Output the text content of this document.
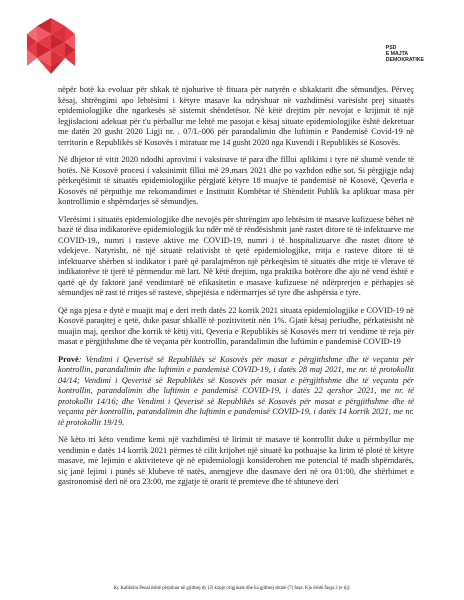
PSD
E MAJTA
DEMOKRATIKE

nëpër botë ka evoluar për shkak të njohurive të fituara për natyrën e shkaktarit dhe sëmundjes. Përveç kësaj, shtrëngimi apo lehtësimi i këtyre masave ka ndryshuar në vazhdimësi varësisht prej situatës epidemiologjike dhe ngarkesës së sistemit shëndetësor. Në këtë drejtim për nevojat e krijimit të një legjislacioni adekuat për t'u përballur me lehtë me pasojat e kësaj situate epidemiologjike është dekretuar me datën 20 gusht 2020 Ligji nr. . 07/L-006 për parandalimin dhe luftimin e Pandemisë Covid-19 në territorin e Republikës së Kosovës i miratuar me 14 gusht 2020 nga Kuvendi i Republikës së Kosovës.

Në dhjetor të vitit 2020 ndodhi aprovimi i vaksinave të para dhe filloi aplikimi i tyre në shumë vende të botës. Në Kosovë procesi i vaksinimit filloi më 29.mars 2021 dhe po vazhdon edhe sot. Si përgjigje ndaj përkeqësimit të situatës epidemiologjike përgjatë këtyre 18 muajve të pandemisë në Kosovë, Qeveria e Kosovës në përputhje me rekomandimet e Institutit Kombëtar të Shëndetit Publik ka aplikuar masa për kontrollimin e shpërndarjes së sëmundjes.

Vlerësimi i situatës epidemiologjike dhe nevojës për shtrëngim apo lehtësim të masave kufizuese bëhet në bazë të disa indikatorëve epidemiologjik ku ndër më të rëndësishmit janë rastet ditore të të infektuarve me COVID-19., numri i rasteve aktive me COVID-19, numri i të hospitalizuarve dhe rastet ditore të vdekjeve. Natyrisht, në një situatë relativisht të qetë epidemiologjike, rritja e rasteve ditore të të infektuarve shërben si indikator i parë që paralajmëron një përkeqësim të situatës dhe rritje të vlerave të indikatorëve të tjerë të përmendur më lart. Në këtë drejtim, nga praktika botërore dhe ajo në vend është e qartë që dy faktorë janë vendimtarë në efikasitetin e masave kufizuese në ndërprerjen e përhapjes së sëmundjes në rast të rritjes së rasteve, shpejtësia e ndërmarrjes së tyre dhe ashpërsia e tyre.

Që nga pjesa e dytë e muajit maj e deri rreth datës 22 korrik 2021 situata epidemiologjike e COVID-19 në Kosovë paraqitej e qetë, duke pasur shkallë të pozitivitetit nën 1%. Gjatë kësaj periudhe, përkatësisht në muajin maj, qershor dhe korrik të këtij viti, Qeveria e Republikës së Kosovës merr tri vendime të reja për masat e përgjithshme dhe të veçanta për kontrollin, parandalimin dhe luftimin e pandemisë COVID-19

Provë: Vendimi i Qeverisë së Republikës së Kosovës për masat e përgjithshme dhe të veçanta për kontrollin, parandalimin dhe luftimin e pandemisë COVID-19, i datës 28 maj 2021, me nr. të protokollit 04/14; Vendimi i Qeverisë së Republikës së Kosovës për masat e përgjithshme dhe të veçanta për kontrollin, parandalimin dhe luftimin e pandemisë COVID-19, i datës 22 qershor 2021, me nr. të protokollit 14/16; dhe Vendimi i Qeverisë së Republikës së Kosovës për masat e përgjithshme dhe të veçanta për kontrollin, parandalimin dhe luftimin e pandemisë COVID-19, i datës 14 korrik 2021, me nr. të protokollit 19/19.

Në këto tri këto vendime kemi një vazhdimësi të lirimit të masave të kontrollit duke u përmbyllur me vendimin e datës 14 korrik 2021 përmes të cilit krijohet një situatë ku pothuajse ka lirim të plotë të këtyre masave, me lejimin e aktiviteteve që në epidemiologji konsiderohen me potencial të madh shpërndarës, siç janë lejimi i punës së klubeve të natës, anengjeve dhe dasmave deri në ora 01:00, dhe shërbimet e gastronomisë deri në ora 23:00, me zgjatje të orarit të premteve dhe të shtuneve deri

Ky Kallëzim Penal është përpiluar në gjithsej dy (2) kopje origjinale dhe ka gjithsej shtatë (7) faqe. Kjo është faqja 2 (e tij).
